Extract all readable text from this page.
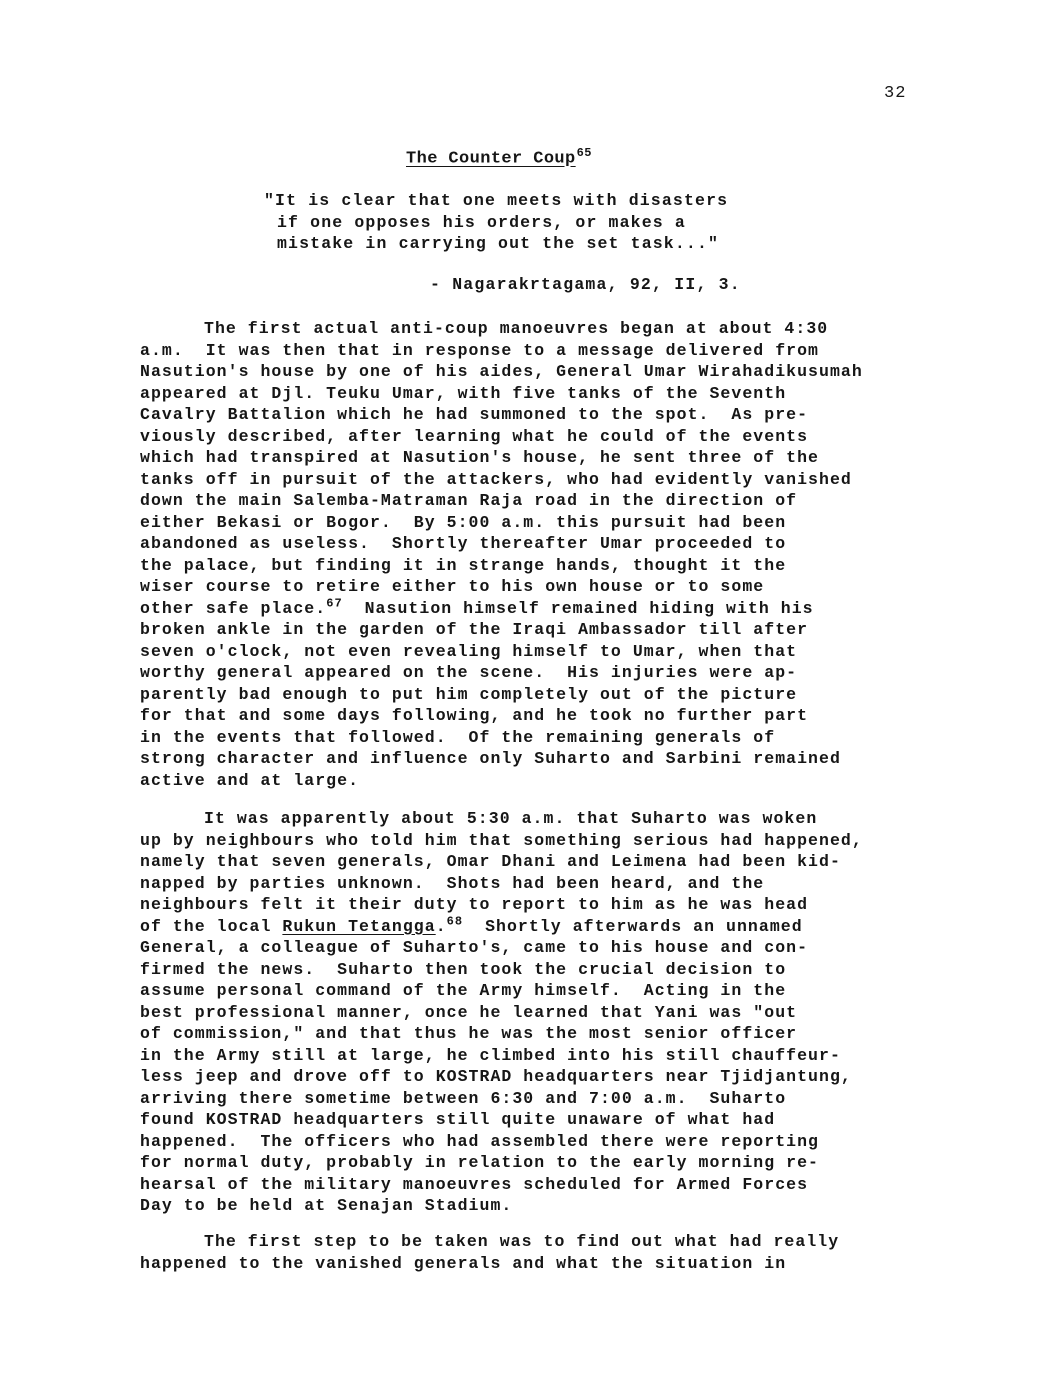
32
The Counter Coup$^{65}$
"It is clear that one meets with disasters
if one opposes his orders, or makes a
mistake in carrying out the set task..."
- Nagarakrtagama, 92, II, 3.
The first actual anti-coup manoeuvres began at about 4:30
a.m.  It was then that in response to a message delivered from
Nasution's house by one of his aides, General Umar Wirahadikusumah
appeared at Djl. Teuku Umar, with five tanks of the Seventh
Cavalry Battalion which he had summoned to the spot.  As pre-
viously described, after learning what he could of the events
which had transpired at Nasution's house, he sent three of the
tanks off in pursuit of the attackers, who had evidently vanished
down the main Salemba-Matraman Raja road in the direction of
either Bekasi or Bogor.  By 5:00 a.m. this pursuit had been
abandoned as useless.  Shortly thereafter Umar proceeded to
the palace, but finding it in strange hands, thought it the
wiser course to retire either to his own house or to some
other safe place.$^{67}$  Nasution himself remained hiding with his
broken ankle in the garden of the Iraqi Ambassador till after
seven o'clock, not even revealing himself to Umar, when that
worthy general appeared on the scene.  His injuries were ap-
parently bad enough to put him completely out of the picture
for that and some days following, and he took no further part
in the events that followed.  Of the remaining generals of
strong character and influence only Suharto and Sarbini remained
active and at large.
It was apparently about 5:30 a.m. that Suharto was woken
up by neighbours who told him that something serious had happened,
namely that seven generals, Omar Dhani and Leimena had been kid-
napped by parties unknown.  Shots had been heard, and the
neighbours felt it their duty to report to him as he was head
of the local Rukun Tetangga.$^{68}$  Shortly afterwards an unnamed
General, a colleague of Suharto's, came to his house and con-
firmed the news.  Suharto then took the crucial decision to
assume personal command of the Army himself.  Acting in the
best professional manner, once he learned that Yani was "out
of commission," and that thus he was the most senior officer
in the Army still at large, he climbed into his still chauffeur-
less jeep and drove off to KOSTRAD headquarters near Tjidjantung,
arriving there sometime between 6:30 and 7:00 a.m.  Suharto
found KOSTRAD headquarters still quite unaware of what had
happened.  The officers who had assembled there were reporting
for normal duty, probably in relation to the early morning re-
hearsal of the military manoeuvres scheduled for Armed Forces
Day to be held at Senajan Stadium.
The first step to be taken was to find out what had really
happened to the vanished generals and what the situation in
